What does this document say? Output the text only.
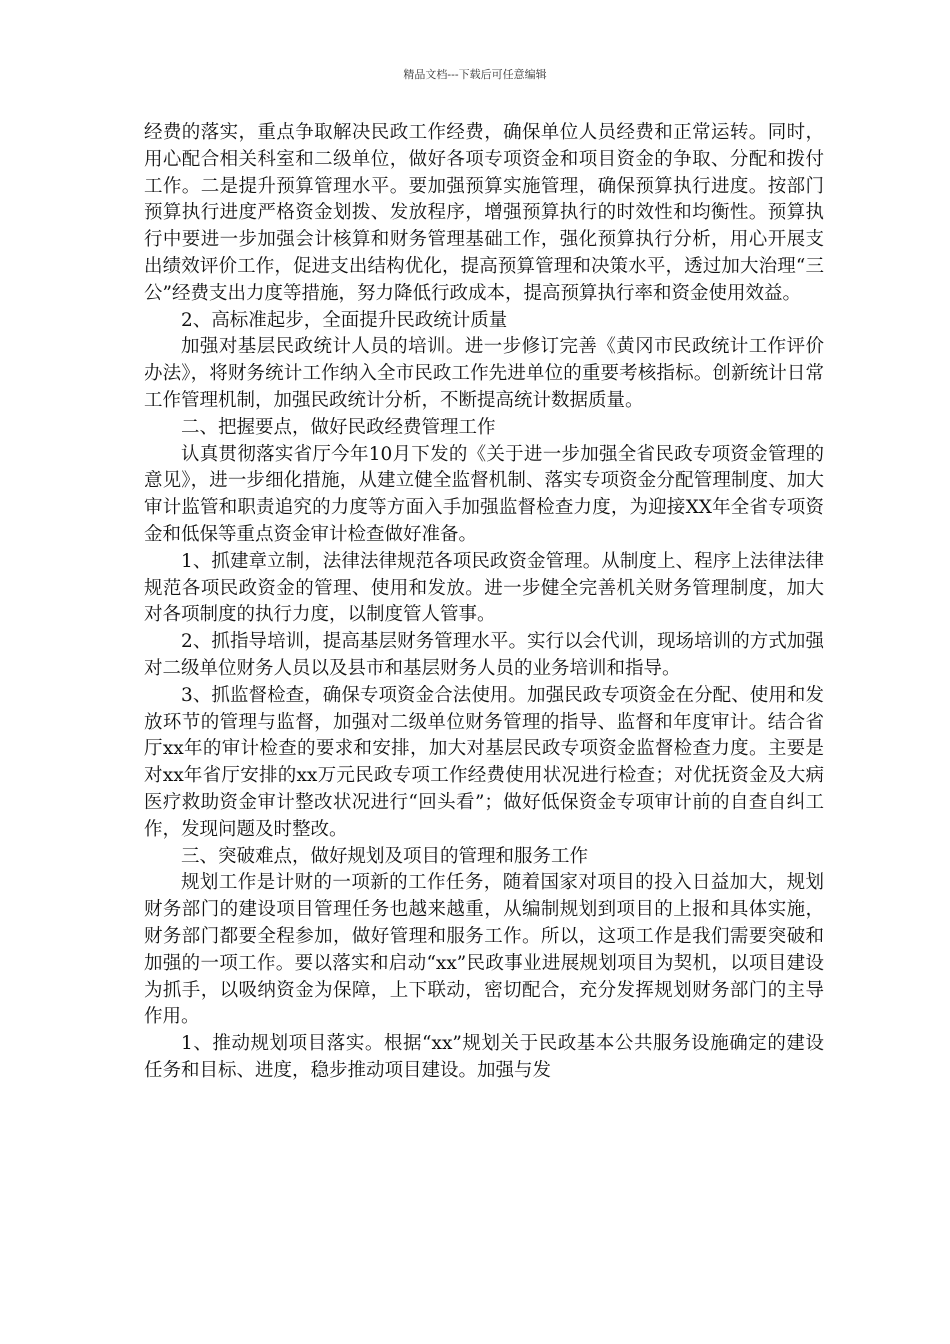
精品文档---下载后可任意编辑

经费的落实，重点争取解决民政工作经费，确保单位人员经费和正常运转。同时，用心配合相关科室和二级单位，做好各项专项资金和项目资金的争取、分配和拨付工作。二是提升预算管理水平。要加强预算实施管理，确保预算执行进度。按部门预算执行进度严格资金划拨、发放程序，增强预算执行的时效性和均衡性。预算执行中要进一步加强会计核算和财务管理基础工作，强化预算执行分析，用心开展支出绩效评价工作，促进支出结构优化，提高预算管理和决策水平，透过加大治理“三公”经费支出力度等措施，努力降低行政成本，提高预算执行率和资金使用效益。

2、高标准起步，全面提升民政统计质量

加强对基层民政统计人员的培训。进一步修订完善《黄冈市民政统计工作评价办法》，将财务统计工作纳入全市民政工作先进单位的重要考核指标。创新统计日常工作管理机制，加强民政统计分析，不断提高统计数据质量。

二、把握要点，做好民政经费管理工作

认真贯彻落实省厅今年10月下发的《关于进一步加强全省民政专项资金管理的意见》，进一步细化措施，从建立健全监督机制、落实专项资金分配管理制度、加大审计监管和职责追究的力度等方面入手加强监督检查力度，为迎接XX年全省专项资金和低保等重点资金审计检查做好准备。

1、抓建章立制，法律法律规范各项民政资金管理。从制度上、程序上法律法律规范各项民政资金的管理、使用和发放。进一步健全完善机关财务管理制度，加大对各项制度的执行力度，以制度管人管事。

2、抓指导培训，提高基层财务管理水平。实行以会代训，现场培训的方式加强对二级单位财务人员以及县市和基层财务人员的业务培训和指导。

3、抓监督检查，确保专项资金合法使用。加强民政专项资金在分配、使用和发放环节的管理与监督，加强对二级单位财务管理的指导、监督和年度审计。结合省厅xx年的审计检查的要求和安排，加大对基层民政专项资金监督检查力度。主要是对xx年省厅安排的xx万元民政专项工作经费使用状况进行检查；对优抚资金及大病医疗救助资金审计整改状况进行“回头看”；做好低保资金专项审计前的自查自纠工作，发现问题及时整改。

三、突破难点，做好规划及项目的管理和服务工作

规划工作是计财的一项新的工作任务，随着国家对项目的投入日益加大，规划财务部门的建设项目管理任务也越来越重，从编制规划到项目的上报和具体实施，财务部门都要全程参加，做好管理和服务工作。所以，这项工作是我们需要突破和加强的一项工作。要以落实和启动“xx”民政事业进展规划项目为契机，以项目建设为抓手，以吸纳资金为保障，上下联动，密切配合，充分发挥规划财务部门的主导作用。

1、推动规划项目落实。根据“xx”规划关于民政基本公共服务设施确定的建设任务和目标、进度，稳步推动项目建设。加强与发
